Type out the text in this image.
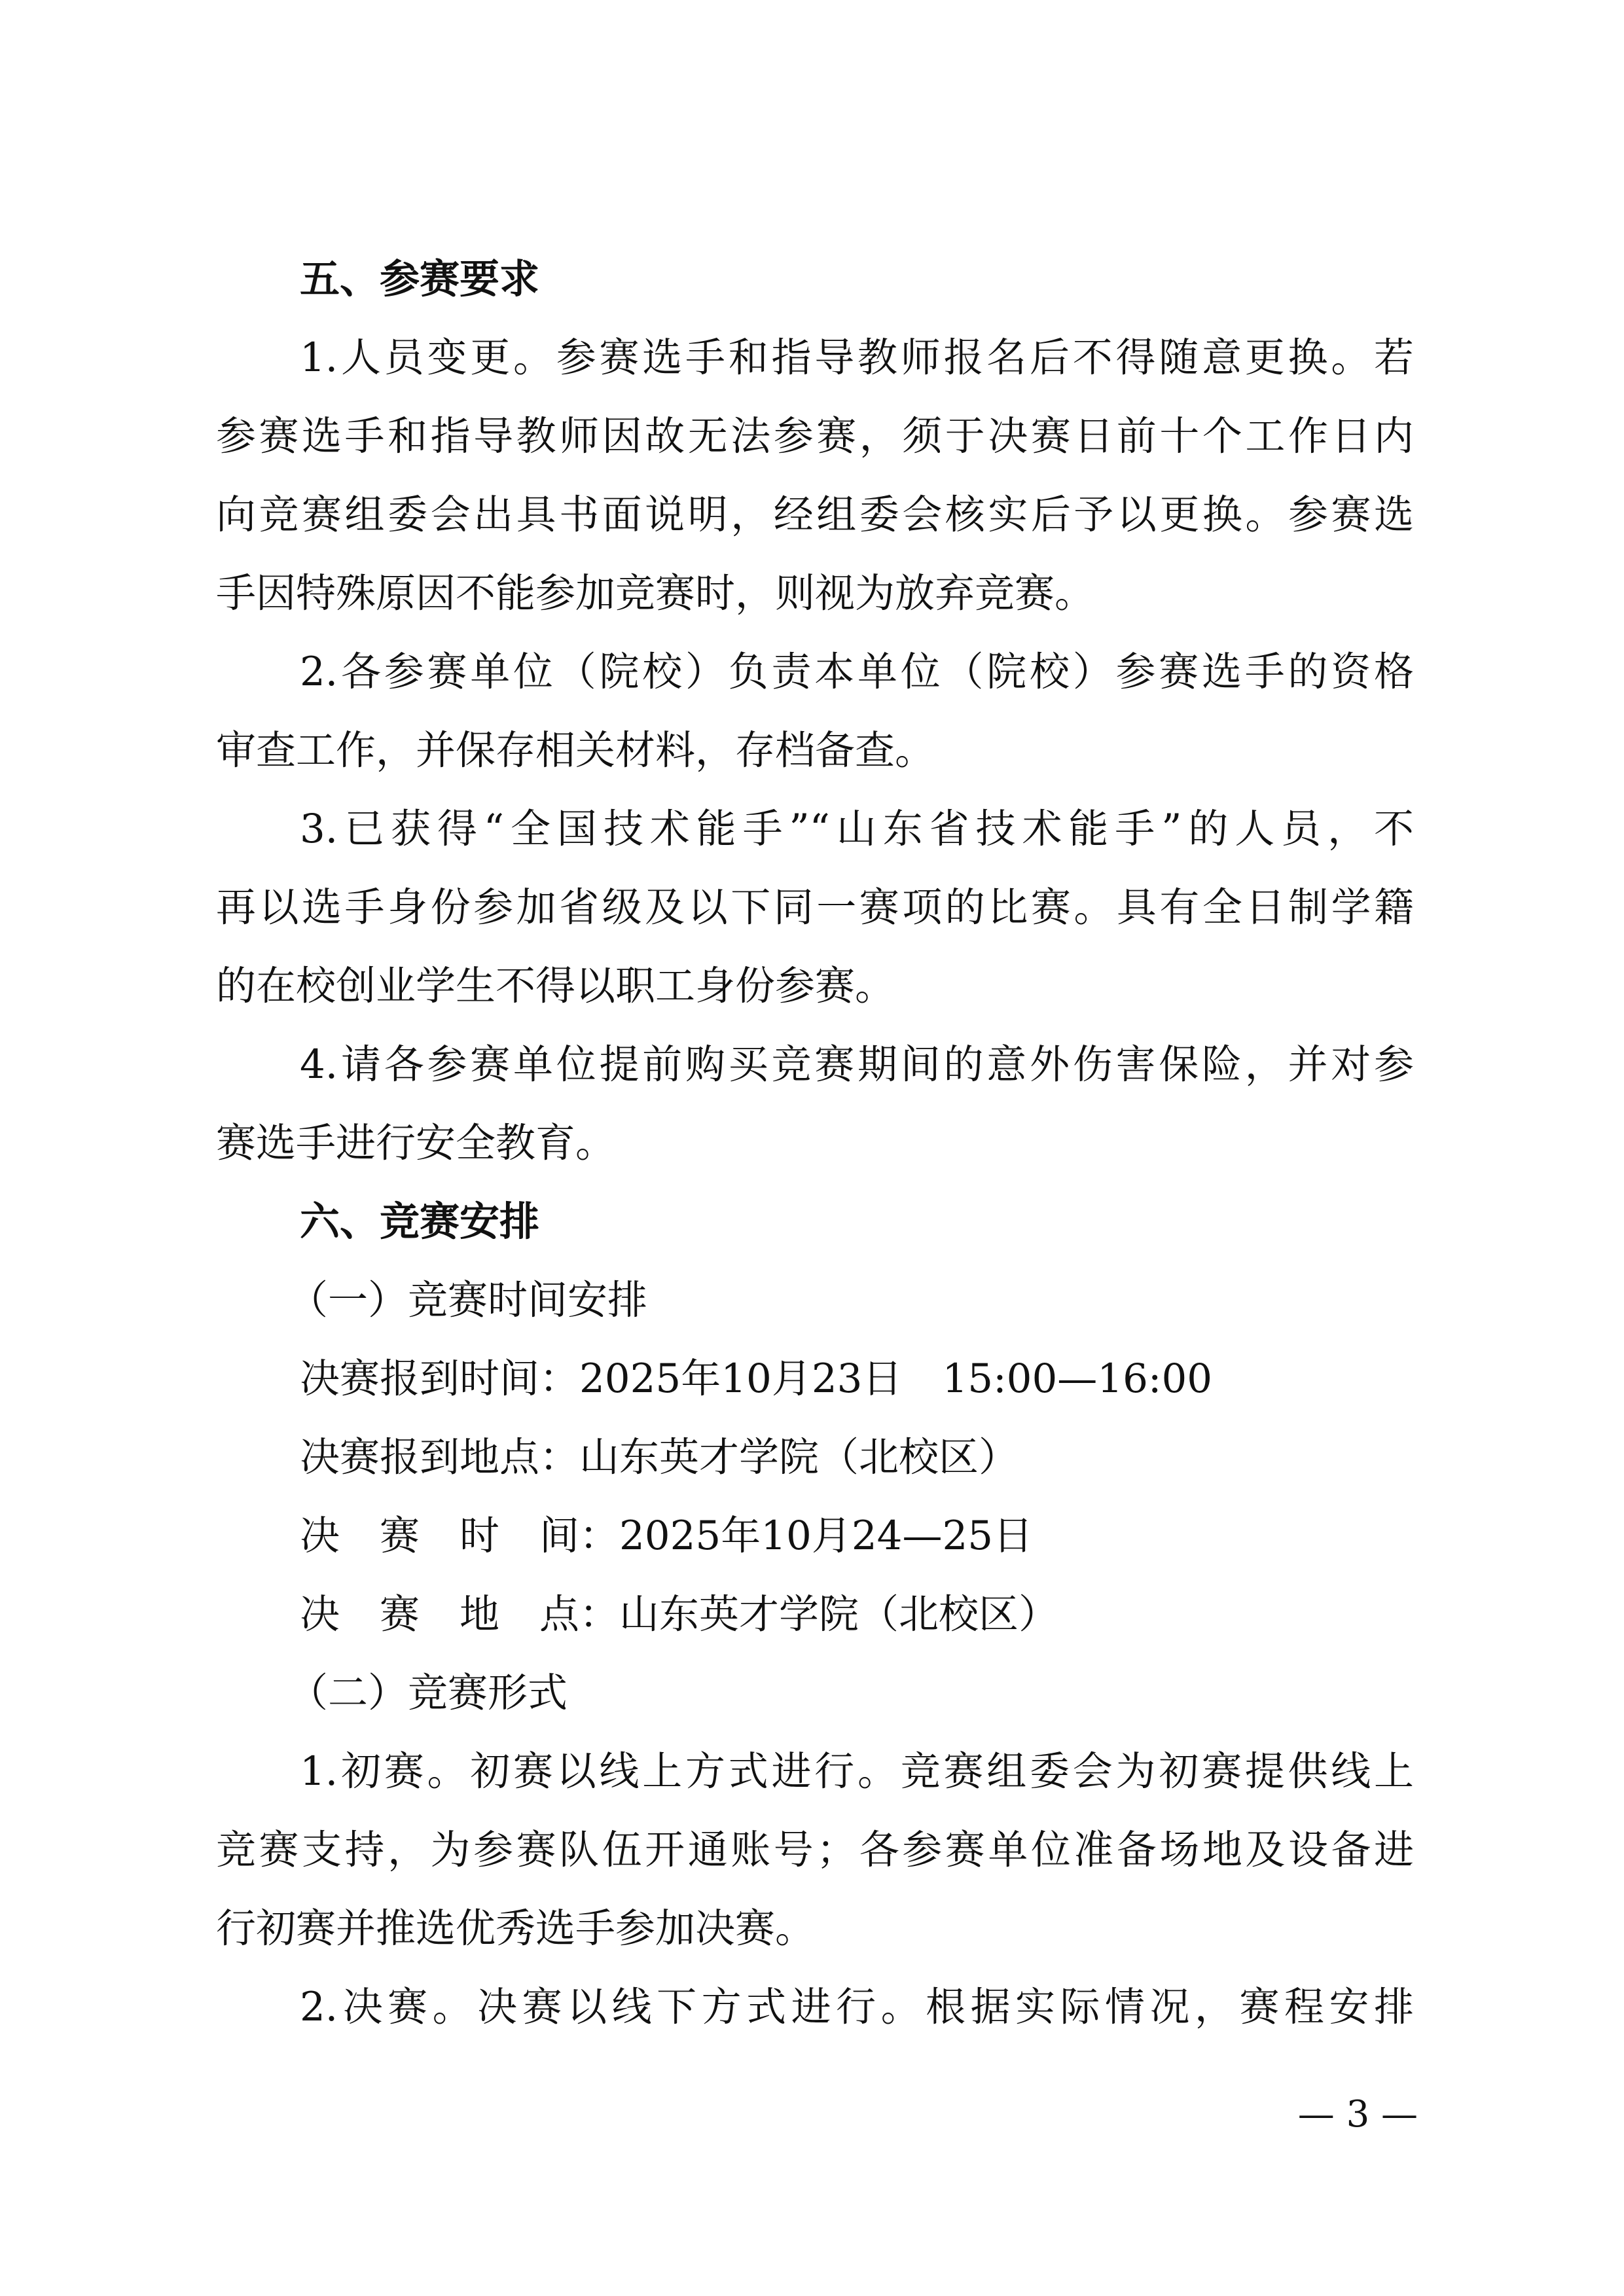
五、参赛要求
1.人员变更。参赛选手和指导教师报名后不得随意更换。若
参赛选手和指导教师因故无法参赛，须于决赛日前十个工作日内
向竞赛组委会出具书面说明，经组委会核实后予以更换。参赛选
手因特殊原因不能参加竞赛时，则视为放弃竞赛。
2.各参赛单位（院校）负责本单位（院校）参赛选手的资格
审查工作，并保存相关材料，存档备查。
3.已获得“全国技术能手”“山东省技术能手”的人员，不
再以选手身份参加省级及以下同一赛项的比赛。具有全日制学籍
的在校创业学生不得以职工身份参赛。
4.请各参赛单位提前购买竞赛期间的意外伤害保险，并对参
赛选手进行安全教育。
六、竞赛安排
（一）竞赛时间安排
决赛报到时间：2025年10月23日　15:00—16:00
决赛报到地点：山东英才学院（北校区）
决　赛　时　间：2025年10月24—25日
决　赛　地　点：山东英才学院（北校区）
（二）竞赛形式
1.初赛。初赛以线上方式进行。竞赛组委会为初赛提供线上
竞赛支持，为参赛队伍开通账号；各参赛单位准备场地及设备进
行初赛并推选优秀选手参加决赛。
2.决赛。决赛以线下方式进行。根据实际情况，赛程安排
— 3 —
